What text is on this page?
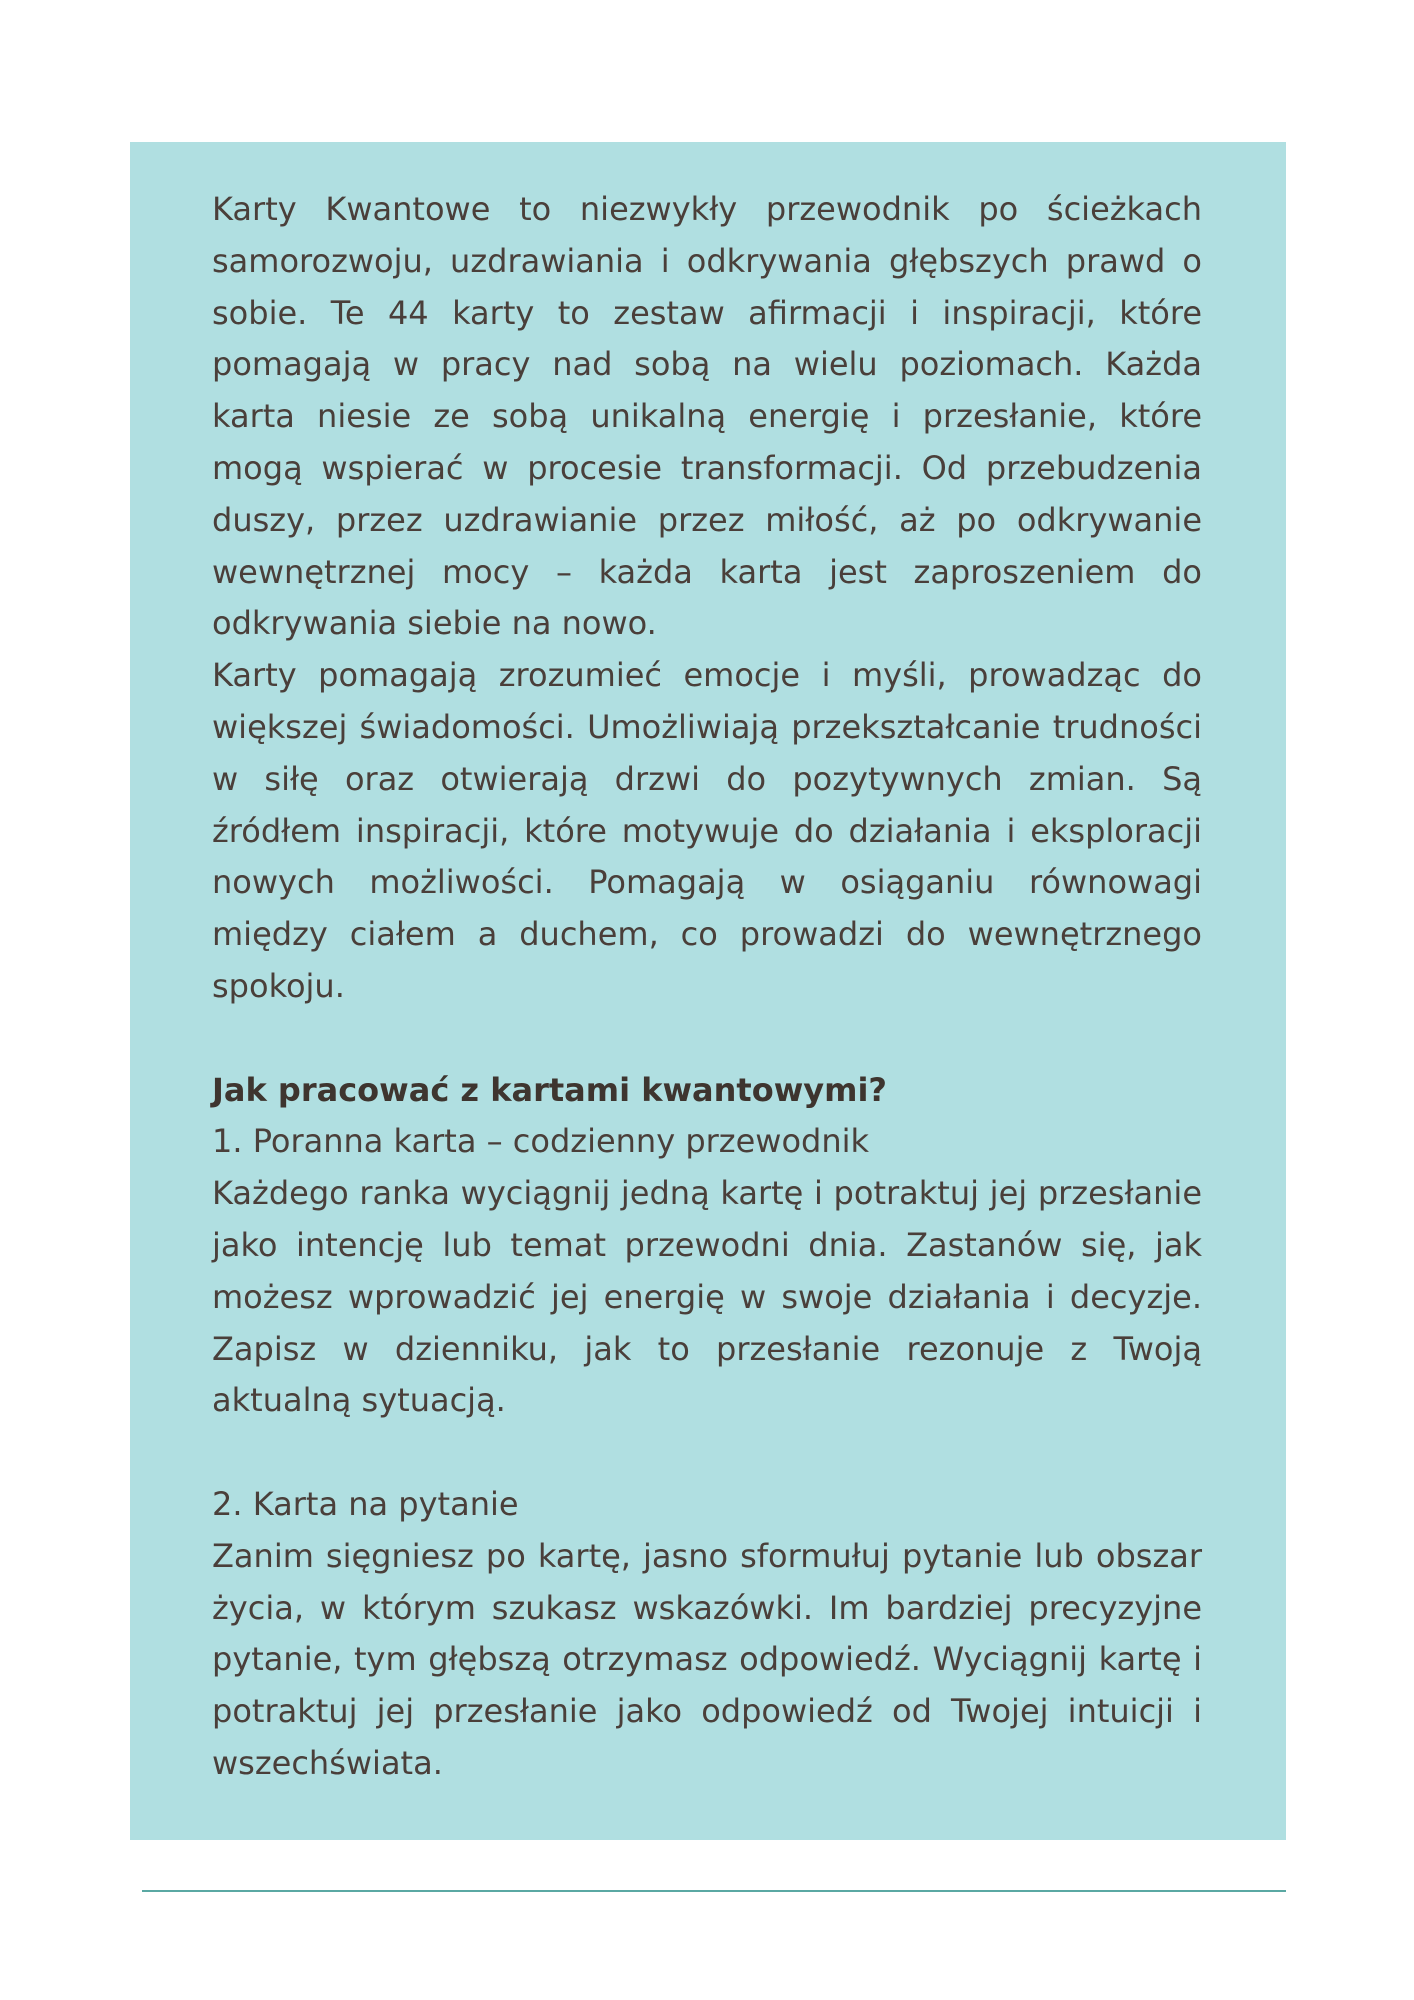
Karty Kwantowe to niezwykły przewodnik po ścieżkach samorozwoju, uzdrawiania i odkrywania głębszych prawd o sobie. Te 44 karty to zestaw afirmacji i inspiracji, które pomagają w pracy nad sobą na wielu poziomach. Każda karta niesie ze sobą unikalną energię i przesłanie, które mogą wspierać w procesie transformacji. Od przebudzenia duszy, przez uzdrawianie przez miłość, aż po odkrywanie wewnętrznej mocy – każda karta jest zaproszeniem do odkrywania siebie na nowo.

Karty pomagają zrozumieć emocje i myśli, prowadząc do większej świadomości. Umożliwiają przekształcanie trudności w siłę oraz otwierają drzwi do pozytywnych zmian. Są źródłem inspiracji, które motywuje do działania i eksploracji nowych możliwości. Pomagają w osiąganiu równowagi między ciałem a duchem, co prowadzi do wewnętrznego spokoju.

Jak pracować z kartami kwantowymi?

1. Poranna karta – codzienny przewodnik

Każdego ranka wyciągnij jedną kartę i potraktuj jej przesłanie jako intencję lub temat przewodni dnia. Zastanów się, jak możesz wprowadzić jej energię w swoje działania i decyzje. Zapisz w dzienniku, jak to przesłanie rezonuje z Twoją aktualną sytuacją.

2. Karta na pytanie

Zanim sięgniesz po kartę, jasno sformułuj pytanie lub obszar życia, w którym szukasz wskazówki. Im bardziej precyzyjne pytanie, tym głębszą otrzymasz odpowiedź. Wyciągnij kartę i potraktuj jej przesłanie jako odpowiedź od Twojej intuicji i wszechświata.
